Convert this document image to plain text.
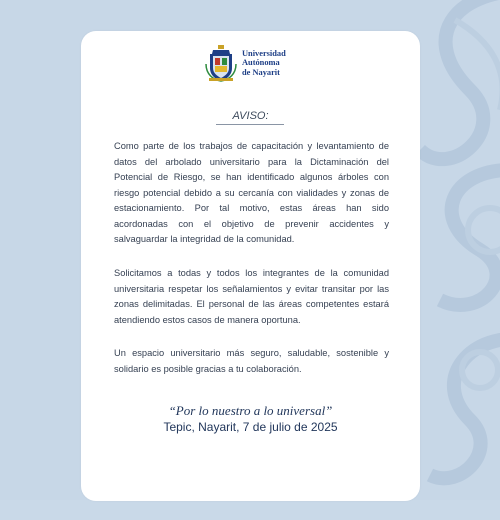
Universidad
Autónoma
de Nayarit
AVISO:

Como parte de los trabajos de capacitación y levantamiento de datos del arbolado universitario para la Dictaminación del Potencial de Riesgo, se han identificado algunos árboles con riesgo potencial debido a su cercanía con vialidades y zonas de estacionamiento. Por tal motivo, estas áreas han sido acordonadas con el objetivo de prevenir accidentes y salvaguardar la integridad de la comunidad.

Solicitamos a todas y todos los integrantes de la comunidad universitaria respetar los señalamientos y evitar transitar por las zonas delimitadas. El personal de las áreas competentes estará atendiendo estos casos de manera oportuna.

Un espacio universitario más seguro, saludable, sostenible y solidario es posible gracias a tu colaboración.

“Por lo nuestro a lo universal”
Tepic, Nayarit, 7 de julio de 2025
